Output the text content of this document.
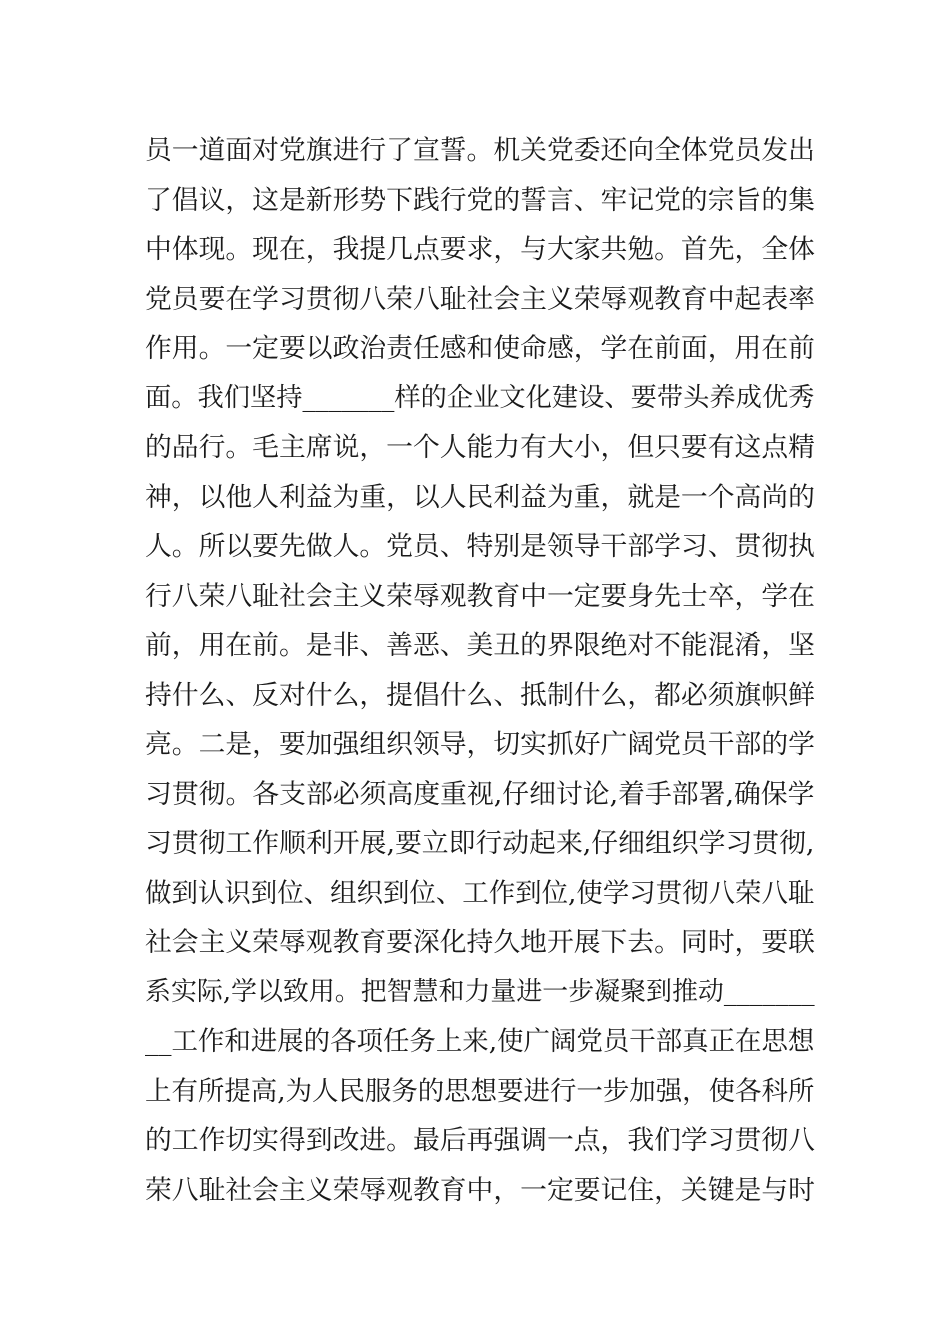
员一道面对党旗进行了宣誓。机关党委还向全体党员发出
了倡议，这是新形势下践行党的誓言、牢记党的宗旨的集
中体现。现在，我提几点要求，与大家共勉。首先，全体
党员要在学习贯彻八荣八耻社会主义荣辱观教育中起表率
作用。一定要以政治责任感和使命感，学在前面，用在前
面。我们坚持_______样的企业文化建设、要带头养成优秀
的品行。毛主席说，一个人能力有大小，但只要有这点精
神，以他人利益为重，以人民利益为重，就是一个高尚的
人。所以要先做人。党员、特别是领导干部学习、贯彻执
行八荣八耻社会主义荣辱观教育中一定要身先士卒，学在
前，用在前。是非、善恶、美丑的界限绝对不能混淆，坚
持什么、反对什么，提倡什么、抵制什么，都必须旗帜鲜
亮。二是，要加强组织领导，切实抓好广阔党员干部的学
习贯彻。各支部必须高度重视,仔细讨论,着手部署,确保学
习贯彻工作顺利开展,要立即行动起来,仔细组织学习贯彻,
做到认识到位、组织到位、工作到位,使学习贯彻八荣八耻
社会主义荣辱观教育要深化持久地开展下去。同时，要联
系实际,学以致用。把智慧和力量进一步凝聚到推动_______
__工作和进展的各项任务上来,使广阔党员干部真正在思想
上有所提高,为人民服务的思想要进行一步加强，使各科所
的工作切实得到改进。最后再强调一点，我们学习贯彻八
荣八耻社会主义荣辱观教育中，一定要记住，关键是与时
